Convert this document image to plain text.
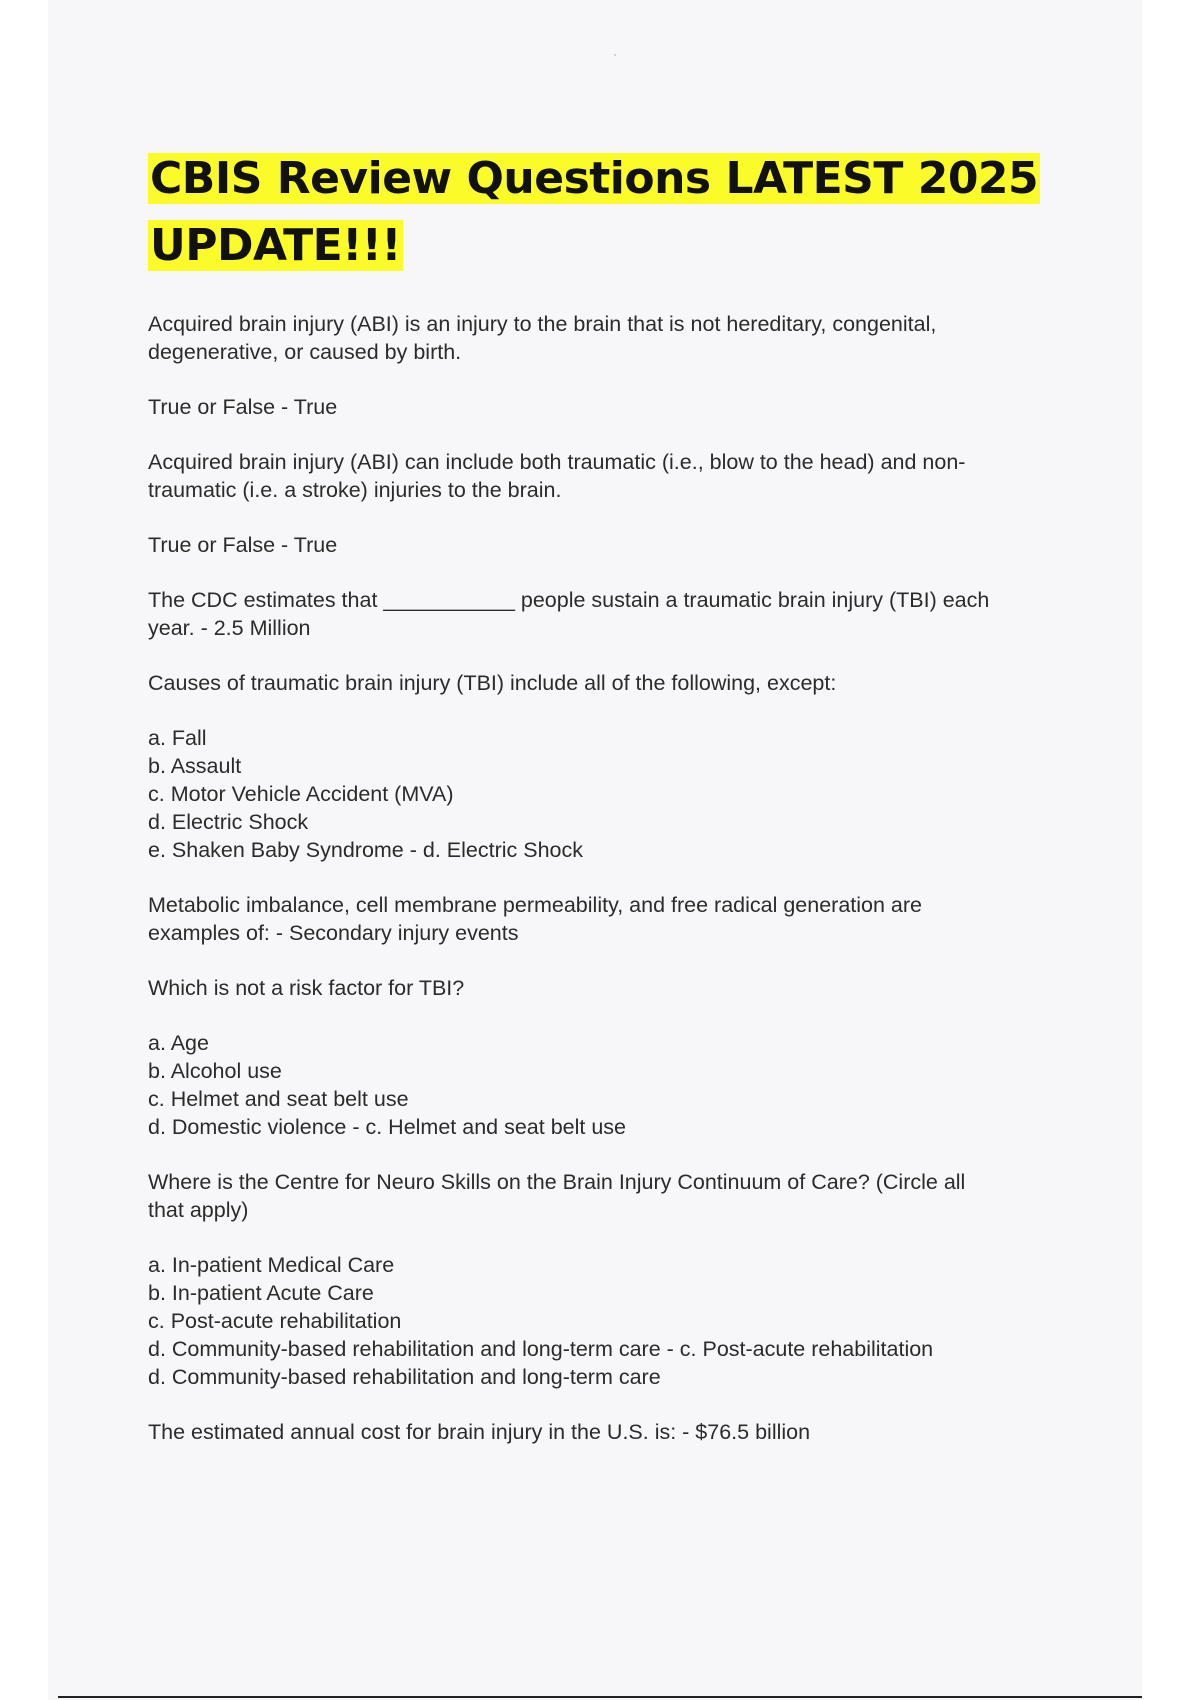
CBIS Review Questions LATEST 2025
UPDATE!!!

Acquired brain injury (ABI) is an injury to the brain that is not hereditary, congenital,
degenerative, or caused by birth.

True or False - True

Acquired brain injury (ABI) can include both traumatic (i.e., blow to the head) and non-
traumatic (i.e. a stroke) injuries to the brain.

True or False - True

The CDC estimates that ___________ people sustain a traumatic brain injury (TBI) each
year. - 2.5 Million

Causes of traumatic brain injury (TBI) include all of the following, except:

a. Fall
b. Assault
c. Motor Vehicle Accident (MVA)
d. Electric Shock
e. Shaken Baby Syndrome - d. Electric Shock

Metabolic imbalance, cell membrane permeability, and free radical generation are
examples of: - Secondary injury events

Which is not a risk factor for TBI?

a. Age
b. Alcohol use
c. Helmet and seat belt use
d. Domestic violence - c. Helmet and seat belt use

Where is the Centre for Neuro Skills on the Brain Injury Continuum of Care? (Circle all
that apply)

a. In-patient Medical Care
b. In-patient Acute Care
c. Post-acute rehabilitation
d. Community-based rehabilitation and long-term care - c. Post-acute rehabilitation
d. Community-based rehabilitation and long-term care

The estimated annual cost for brain injury in the U.S. is: - $76.5 billion
